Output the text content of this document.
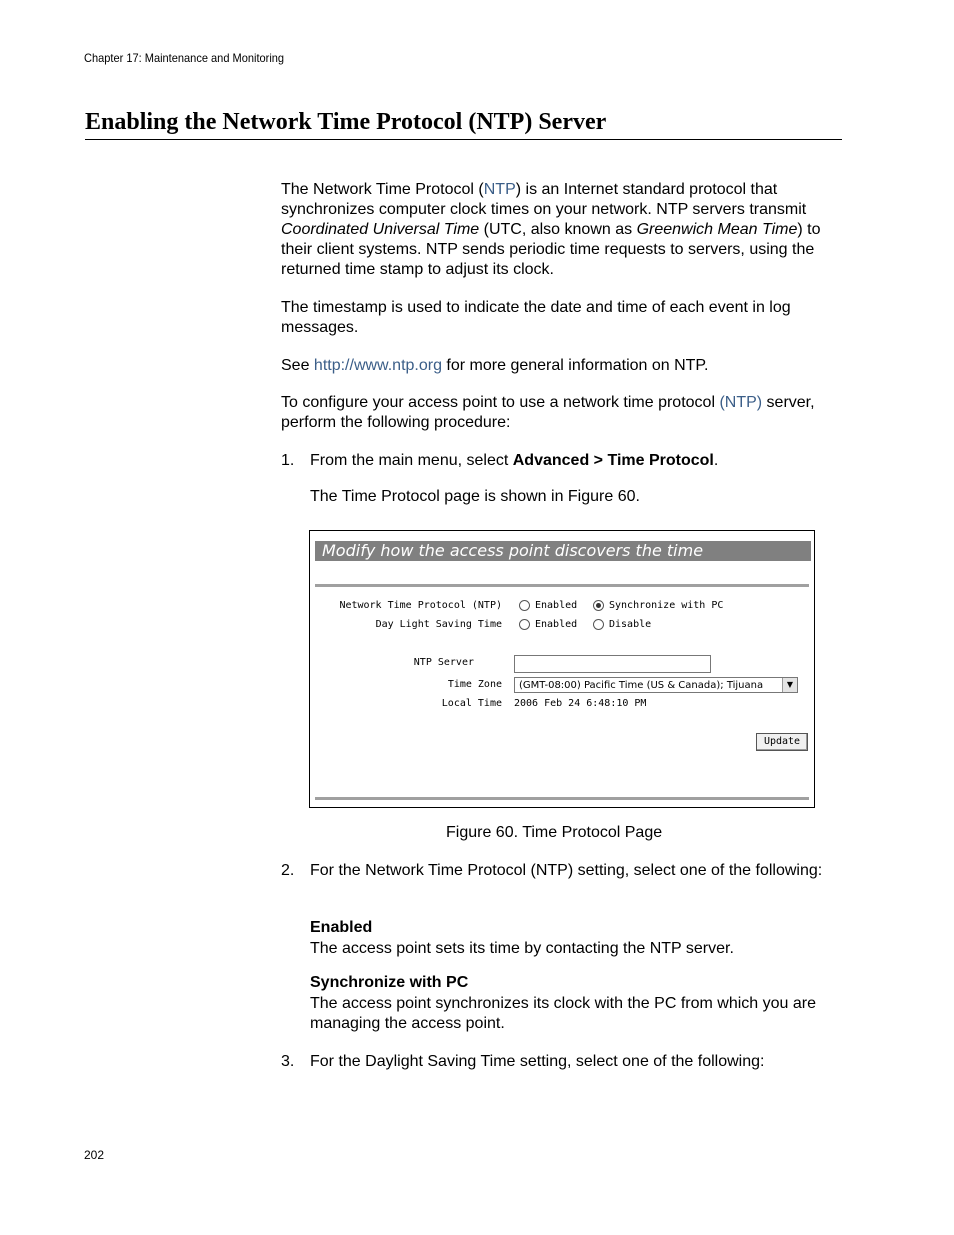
Chapter 17: Maintenance and Monitoring
Enabling the Network Time Protocol (NTP) Server
The Network Time Protocol (NTP) is an Internet standard protocol that synchronizes computer clock times on your network. NTP servers transmit Coordinated Universal Time (UTC, also known as Greenwich Mean Time) to their client systems. NTP sends periodic time requests to servers, using the returned time stamp to adjust its clock.
The timestamp is used to indicate the date and time of each event in log messages.
See http://www.ntp.org for more general information on NTP.
To configure your access point to use a network time protocol (NTP) server, perform the following procedure:
1. From the main menu, select Advanced > Time Protocol.
The Time Protocol page is shown in Figure 60.
Modify how the access point discovers the time
Network Time Protocol (NTP)	Enabled	Synchronize with PC
Day Light Saving Time	Enabled	Disable
NTP Server
Time Zone	(GMT-08:00) Pacific Time (US & Canada); Tijuana	▼
Local Time 2006 Feb 24 6:48:10 PM
Update
Figure 60. Time Protocol Page
2. For the Network Time Protocol (NTP) setting, select one of the following:
Enabled
The access point sets its time by contacting the NTP server.
Synchronize with PC
The access point synchronizes its clock with the PC from which you are managing the access point.
3. For the Daylight Saving Time setting, select one of the following:
202
